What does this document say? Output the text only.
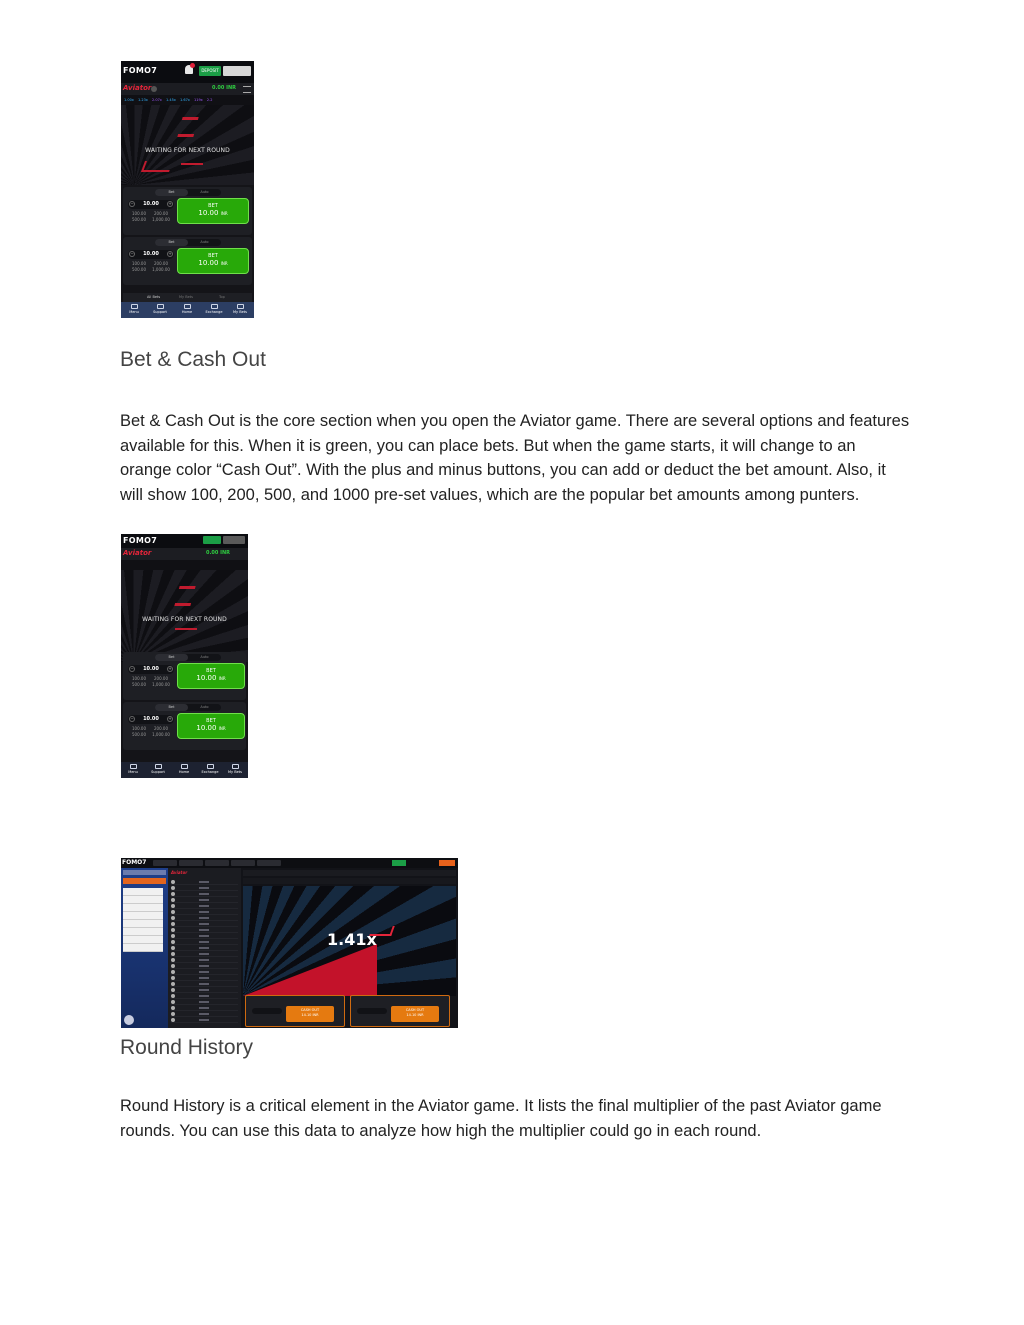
FOMO7	DEPOSIT
Aviator	0.00 INR
1.00x 1.23x 2.07x 1.45x 1.67x 119x 2.2
WAITING FOR NEXT ROUND
Bet	Auto
−	10.00	+
100.00 200.00500.00 1,000.00
BET
10.00 INR
Bet	Auto
−	10.00	+
100.00 200.00500.00 1,000.00
BET
10.00 INR
All Bets	My Bets	Top
Menu	Support	Home	Exchange	My Bets
Bet & Cash Out
Bet & Cash Out is the core section when you open the Aviator game. There are several options and features available for this. When it is green, you can place bets. But when the game starts, it will change to an orange color “Cash Out”. With the plus and minus buttons, you can add or deduct the bet amount. Also, it will show 100, 200, 500, and 1000 pre-set values, which are the popular bet amounts among punters.
FOMO7
Aviator	0.00 INR
WAITING FOR NEXT ROUND
Bet	Auto
−	10.00	+
100.00 200.00500.00 1,000.00
BET
10.00 INR
Bet	Auto
−	10.00	+
100.00 200.00500.00 1,000.00
BET
10.00 INR
Menu	Support	Home	Exchange	My Bets
FOMO7
Aviator
1.41x
CASH OUT
14.10 INR
CASH OUT
14.10 INR
Round History
Round History is a critical element in the Aviator game. It lists the final multiplier of the past Aviator game rounds. You can use this data to analyze how high the multiplier could go in each round.
